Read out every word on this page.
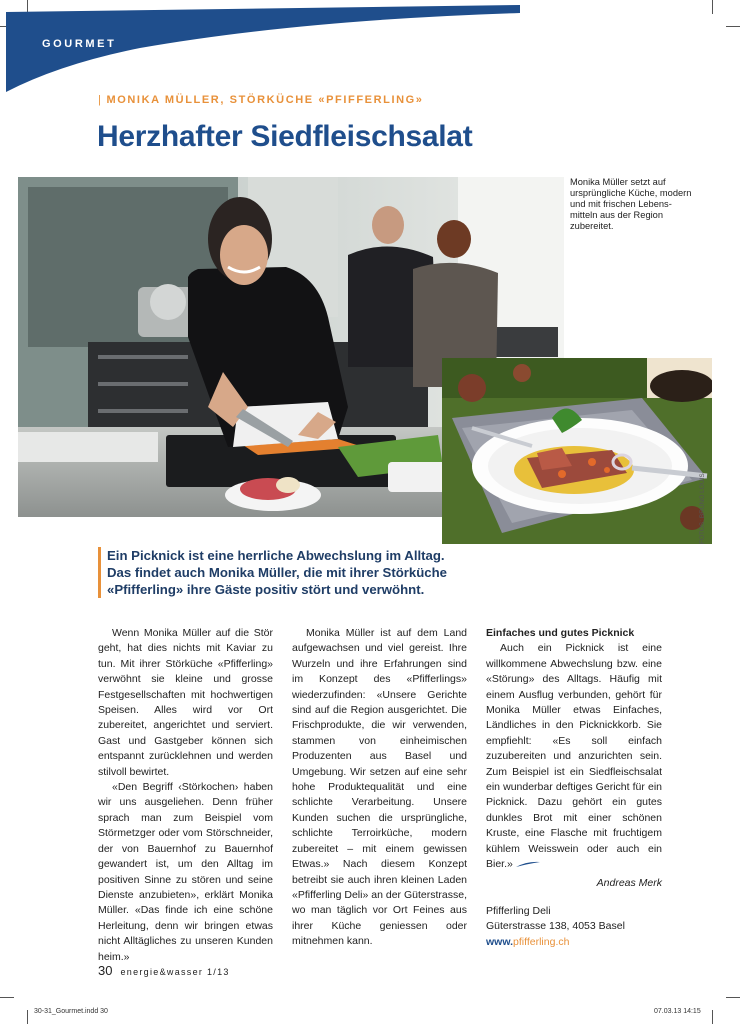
GOURMET
| MONIKA MÜLLER, STÖRKÜCHE «PFIFFERLING»
Herzhafter Siedfleischsalat
Monika Müller setzt auf ursprüngliche Küche, modern und mit frischen Lebens- mitteln aus der Region zubereitet.
FOTOS: BRUNO LOUIS

Ein Picknick ist eine herrliche Abwechslung im Alltag. Das findet auch Monika Müller, die mit ihrer Störküche «Pfifferling» ihre Gäste positiv stört und verwöhnt.

Wenn Monika Müller auf die Stör geht, hat dies nichts mit Kaviar zu tun. Mit ihrer Störküche «Pfifferling» verwöhnt sie kleine und grosse Festgesellschaften mit hochwertigen Speisen. Alles wird vor Ort zubereitet, angerichtet und serviert. Gast und Gastgeber können sich entspannt zurücklehnen und werden stilvoll bewirtet.

«Den Begriff ‹Störkochen› haben wir uns ausgeliehen. Denn früher sprach man zum Beispiel vom Störmetzger oder vom Störschneider, der von Bauernhof zu Bauernhof gewandert ist, um den Alltag im positiven Sinne zu stören und seine Dienste anzubieten», erklärt Monika Müller. «Das finde ich eine schöne Herleitung, denn wir bringen etwas nicht Alltägliches zu unseren Kunden heim.»

Monika Müller ist auf dem Land aufgewachsen und viel gereist. Ihre Wurzeln und ihre Erfahrungen sind im Konzept des «Pfifferlings» wiederzufinden: «Unsere Gerichte sind auf die Region ausgerichtet. Die Frischprodukte, die wir verwenden, stammen von einheimischen Produzenten aus Basel und Umgebung. Wir setzen auf eine sehr hohe Produktequalität und eine schlichte Verarbeitung. Unsere Kunden suchen die ursprüngliche, schlichte Terroirküche, modern zubereitet – mit einem gewissen Etwas.» Nach diesem Konzept betreibt sie auch ihren kleinen Laden «Pfifferling Deli» an der Güterstrasse, wo man täglich vor Ort Feines aus ihrer Küche geniessen oder mitnehmen kann.

Einfaches und gutes Picknick

Auch ein Picknick ist eine willkommene Abwechslung bzw. eine «Störung» des Alltags. Häufig mit einem Ausflug verbunden, gehört für Monika Müller etwas Einfaches, Ländliches in den Picknickkorb. Sie empfiehlt: «Es soll einfach zuzubereiten und anzurichten sein. Zum Beispiel ist ein Siedfleischsalat ein wunderbar deftiges Gericht für ein Picknick. Dazu gehört ein gutes dunkles Brot mit einer schönen Kruste, eine Flasche mit fruchtigem kühlem Weisswein oder auch ein Bier.»

Andreas Merk

Pfifferling Deli

Güterstrasse 138, 4053 Basel

www.pfifferling.ch

30 energie&wasser 1/13
30-31_Gourmet.indd 30	07.03.13 14:15
